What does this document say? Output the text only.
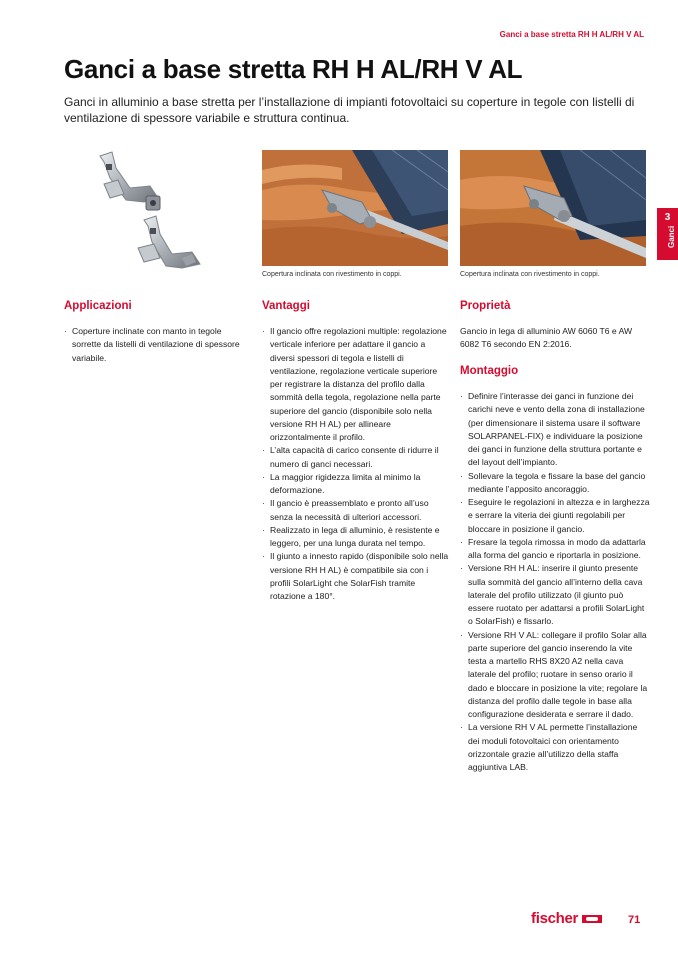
Ganci a base stretta RH H AL/RH V AL
Ganci a base stretta RH H AL/RH V AL

Ganci in alluminio a base stretta per l’installazione di impianti fotovoltaici su coperture in tegole con listelli di ventilazione di spessore variabile e struttura continua.

Copertura inclinata con rivestimento in coppi.	Copertura inclinata con rivestimento in coppi.
3
Ganci
Applicazioni
· Coperture inclinate con manto in tegole sorrette da listelli di ventilazione di spessore variabile.
Vantaggi
· Il gancio offre regolazioni multiple: regolazione verticale inferiore per adattare il gancio a diversi spessori di tegola e listelli di ventilazione, regolazione verticale superiore per registrare la distanza del profilo dalla sommità della tegola, regolazione nella parte superiore del gancio (disponibile solo nella versione RH H AL) per allineare orizzontalmente il profilo.
· L’alta capacità di carico consente di ridurre il numero di ganci necessari.
· La maggior rigidezza limita al minimo la deformazione.
· Il gancio è preassemblato e pronto all’uso senza la necessità di ulteriori accessori.
· Realizzato in lega di alluminio, è resistente e leggero, per una lunga durata nel tempo.
· Il giunto a innesto rapido (disponibile solo nella versione RH H AL) è compatibile sia con i profili SolarLight che SolarFish tramite rotazione a 180°.
Proprietà

Gancio in lega di alluminio AW 6060 T6 e AW 6082 T6 secondo EN 2:2016.

Montaggio
· Definire l’interasse dei ganci in funzione dei carichi neve e vento della zona di installazione (per dimensionare il sistema usare il software SOLARPANEL-FIX) e individuare la posizione dei ganci in funzione della struttura portante e del layout dell’impianto.
· Sollevare la tegola e fissare la base del gancio mediante l’apposito ancoraggio.
· Eseguire le regolazioni in altezza e in larghezza e serrare la viteria dei giunti regolabili per bloccare in posizione il gancio.
· Fresare la tegola rimossa in modo da adattarla alla forma del gancio e riportarla in posizione.
· Versione RH H AL: inserire il giunto presente sulla sommità del gancio all’interno della cava laterale del profilo utilizzato (il giunto può essere ruotato per adattarsi a profili SolarLight o SolarFish) e fissarlo.
· Versione RH V AL: collegare il profilo Solar alla parte superiore del gancio inserendo la vite testa a martello RHS 8X20 A2 nella cava laterale del profilo; ruotare in senso orario il dado e bloccare in posizione la vite; regolare la distanza del profilo dalle tegole in base alla configurazione desiderata e serrare il dado.
· La versione RH V AL permette l’installazione dei moduli fotovoltaici con orientamento orizzontale grazie all’utilizzo della staffa aggiuntiva LAB.
fischer	71
